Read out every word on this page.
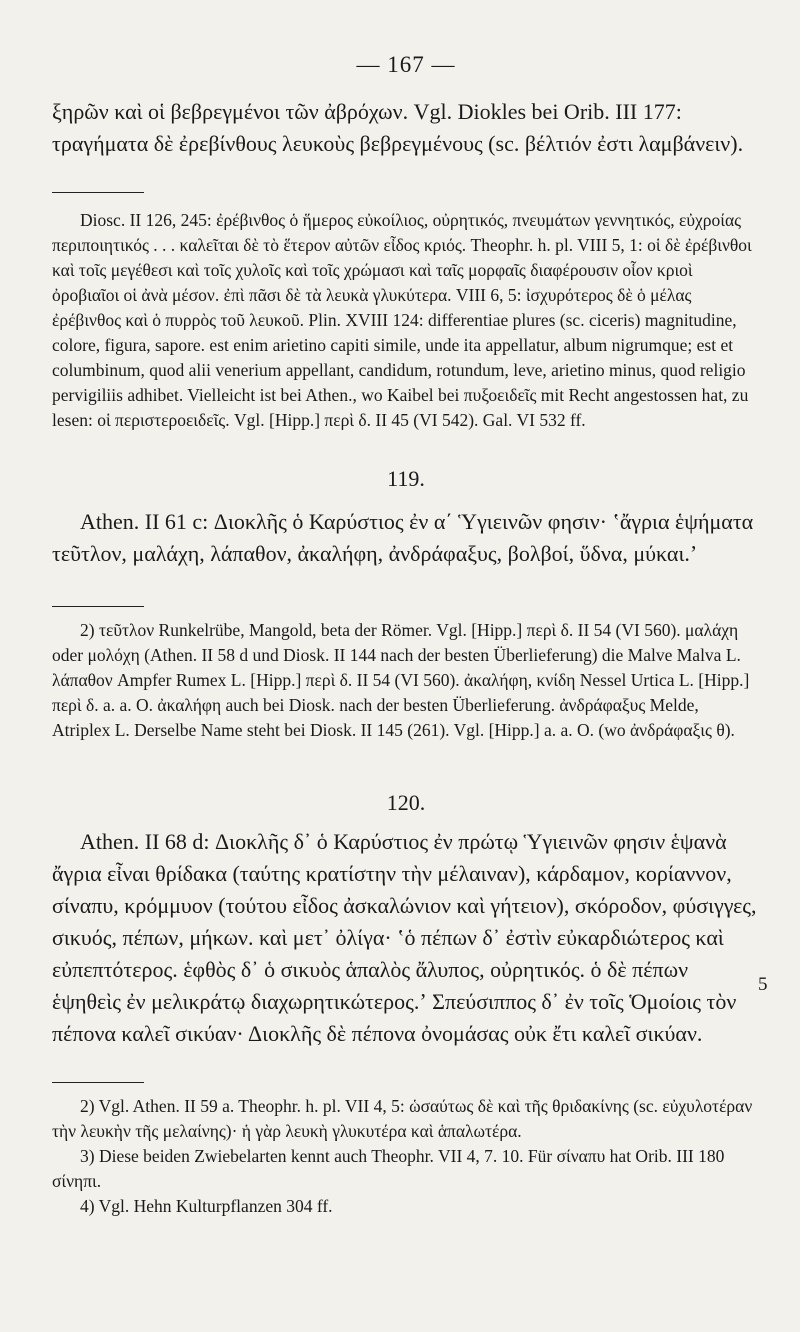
— 167 —

ξηρῶν καὶ οἱ βεβρεγμένοι τῶν ἀβρόχων. Vgl. Diokles bei Orib. III 177: τραγήματα δὲ ἐρεβίνθους λευκοὺς βεβρεγμένους (sc. βέλτιόν ἐστι λαμβάνειν).

Diosc. II 126, 245: ἐρέβινθος ὁ ἥμερος εὐκοίλιος, οὐρητικός, πνευμάτων γεννητικός, εὐχροίας περιποιητικός . . . καλεῖται δὲ τὸ ἕτερον αὐτῶν εἶδος κριός. Theophr. h. pl. VIII 5, 1: οἱ δὲ ἐρέβινθοι καὶ τοῖς μεγέθεσι καὶ τοῖς χυλοῖς καὶ τοῖς χρώμασι καὶ ταῖς μορφαῖς διαφέρουσιν οἷον κριοὶ ὀροβιαῖοι οἱ ἀνὰ μέσον. ἐπὶ πᾶσι δὲ τὰ λευκὰ γλυκύτερα. VIII 6, 5: ἰσχυρότερος δὲ ὁ μέλας ἐρέβινθος καὶ ὁ πυρρὸς τοῦ λευκοῦ. Plin. XVIII 124: differentiae plures (sc. ciceris) magnitudine, colore, figura, sapore. est enim arietino capiti simile, unde ita appellatur, album nigrumque; est et columbinum, quod alii venerium appellant, candidum, rotundum, leve, arietino minus, quod religio pervigiliis adhibet. Vielleicht ist bei Athen., wo Kaibel bei πυξοειδεῖς mit Recht angestossen hat, zu lesen: οἱ περιστεροειδεῖς. Vgl. [Hipp.] περὶ δ. II 45 (VI 542). Gal. VI 532 ff.

119.

Athen. II 61 c: Διοκλῆς ὁ Καρύστιος ἐν α΄ Ὑγιεινῶν φησιν· ʽἄγρια ἑψήματα τεῦτλον, μαλάχη, λάπαθον, ἀκαλήφη, ἀνδράφαξυς, βολβοί, ὕδνα, μύκαι.ʼ

2) τεῦτλον Runkelrübe, Mangold, beta der Römer. Vgl. [Hipp.] περὶ δ. II 54 (VI 560). μαλάχη oder μολόχη (Athen. II 58 d und Diosk. II 144 nach der besten Überlieferung) die Malve Malva L. λάπαθον Ampfer Rumex L. [Hipp.] περὶ δ. II 54 (VI 560). ἀκαλήφη, κνίδη Nessel Urtica L. [Hipp.] περὶ δ. a. a. O. ἀκαλήφη auch bei Diosk. nach der besten Überlieferung. ἀνδράφαξυς Melde, Atriplex L. Derselbe Name steht bei Diosk. II 145 (261). Vgl. [Hipp.] a. a. O. (wo ἀνδράφαξις θ).

120.

Athen. II 68 d: Διοκλῆς δ᾽ ὁ Καρύστιος ἐν πρώτῳ Ὑγιεινῶν φησιν ἑψανὰ ἄγρια εἶναι θρίδακα (ταύτης κρατίστην τὴν μέλαιναν), κάρδαμον, κορίαννον, σίναπυ, κρόμμυον (τούτου εἶδος ἀσκαλώνιον καὶ γήτειον), σκόροδον, φύσιγγες, σικυός, πέπων, μήκων. καὶ μετ᾽ ὀλίγα· ʽὁ πέπων δ᾽ ἐστὶν εὐκαρδιώτερος καὶ εὐπεπτότερος. ἑφθὸς δ᾽ ὁ σικυὸς ἁπαλὸς ἄλυπος, οὐρητικός. ὁ δὲ πέπων ἑψηθεὶς ἐν μελικράτῳ διαχωρητικώτερος.ʼ Σπεύσιππος δ᾽ ἐν τοῖς Ὁμοίοις τὸν πέπονα καλεῖ σικύαν· Διοκλῆς δὲ πέπονα ὀνομάσας οὐκ ἔτι καλεῖ σικύαν.

2) Vgl. Athen. II 59 a. Theophr. h. pl. VII 4, 5: ὡσαύτως δὲ καὶ τῆς θριδακίνης (sc. εὐχυλοτέραν τὴν λευκὴν τῆς μελαίνης)· ἡ γὰρ λευκὴ γλυκυτέρα καὶ ἁπαλωτέρα.

3) Diese beiden Zwiebelarten kennt auch Theophr. VII 4, 7. 10. Für σίναπυ hat Orib. III 180 σίνηπι.

4) Vgl. Hehn Kulturpflanzen 304 ff.

5
